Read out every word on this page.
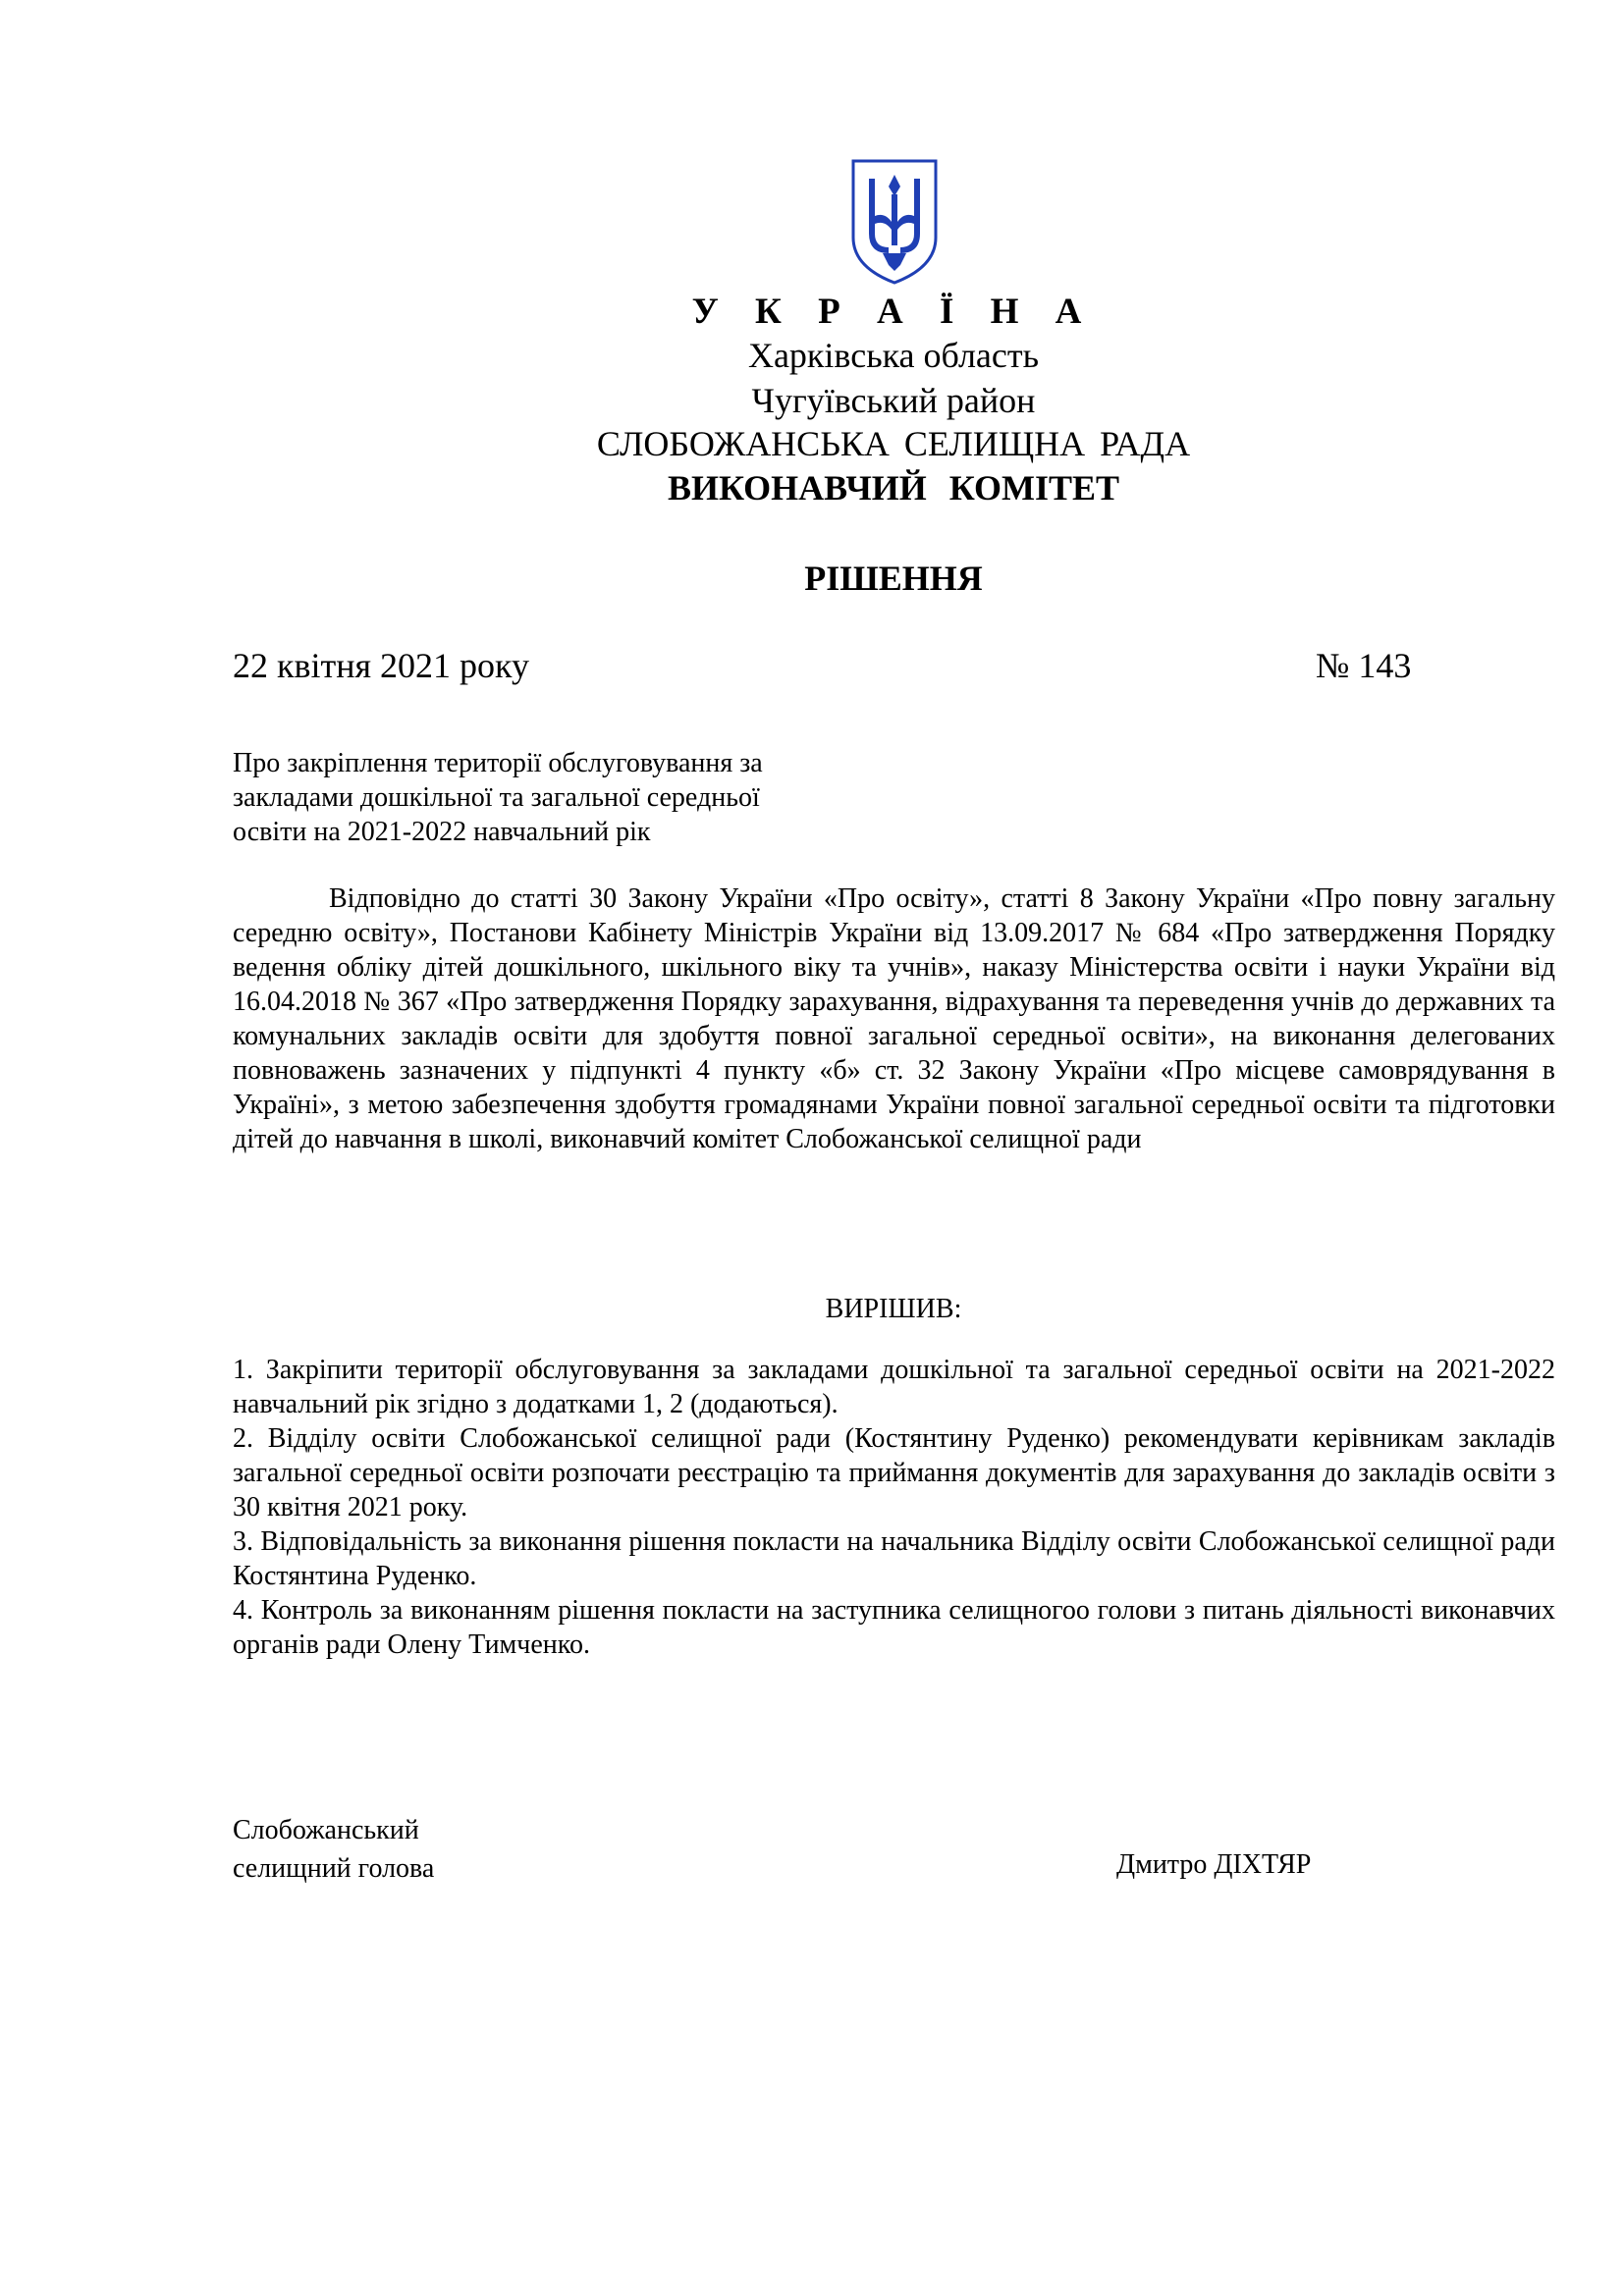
У К Р А Ї Н А
Харківська область
Чугуївський район
СЛОБОЖАНСЬКА СЕЛИЩНА РАДА
ВИКОНАВЧИЙ КОМІТЕТ
РІШЕННЯ
22 квітня 2021 року	№ 143
Про закріплення території обслуговування за
закладами дошкільної та загальної середньої
освіти на 2021-2022 навчальний рік
Відповідно до статті 30 Закону України «Про освіту», статті 8 Закону України «Про повну загальну середню освіту», Постанови Кабінету Міністрів України від 13.09.2017 № 684 «Про затвердження Порядку ведення обліку дітей дошкільного, шкільного віку та учнів», наказу Міністерства освіти і науки України від 16.04.2018 № 367 «Про затвердження Порядку зарахування, відрахування та переведення учнів до державних та комунальних закладів освіти для здобуття повної загальної середньої освіти», на виконання делегованих повноважень зазначених у підпункті 4 пункту «б» ст. 32 Закону України «Про місцеве самоврядування в Україні», з метою забезпечення здобуття громадянами України повної загальної середньої освіти та підготовки дітей до навчання в школі, виконавчий комітет Слобожанської селищної ради
ВИРІШИВ:

1. Закріпити території обслуговування за закладами дошкільної та загальної середньої освіти на 2021-2022 навчальний рік згідно з додатками 1, 2 (додаються).

2. Відділу освіти Слобожанської селищної ради (Костянтину Руденко) рекомендувати керівникам закладів загальної середньої освіти розпочати реєстрацію та приймання документів для зарахування до закладів освіти з 30 квітня 2021 року.

3. Відповідальність за виконання рішення покласти на начальника Відділу освіти Слобожанської селищної ради Костянтина Руденко.

4. Контроль за виконанням рішення покласти на заступника селищногоо голови з питань діяльності виконавчих органів ради Олену Тимченко.

Слобожанський
селищний голова	Дмитро ДІХТЯР
